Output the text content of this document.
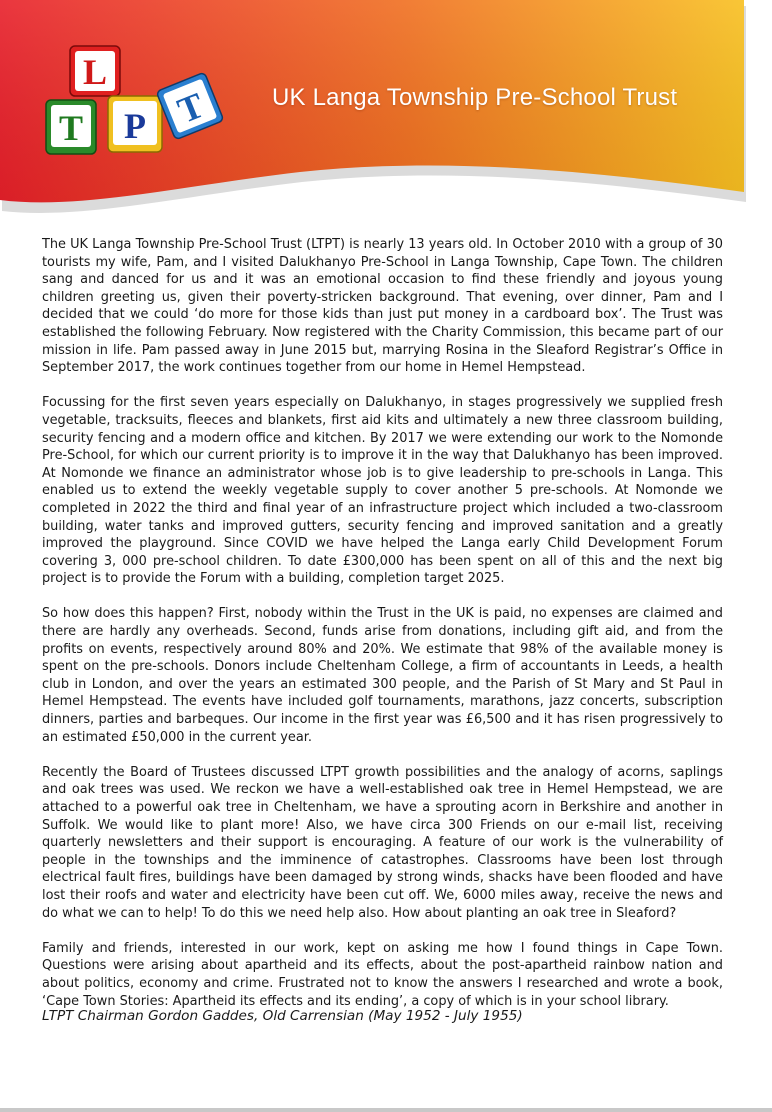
L
T P T	UK Langa Township Pre-School Trust

The UK Langa Township Pre-School Trust (LTPT) is nearly 13 years old. In October 2010 with a group of 30 tourists my wife, Pam, and I visited Dalukhanyo Pre-School in Langa Township, Cape Town. The children sang and danced for us and it was an emotional occasion to find these friendly and joyous young children greeting us, given their poverty-stricken background. That evening, over dinner, Pam and I decided that we could ‘do more for those kids than just put money in a cardboard box’. The Trust was established the following February. Now registered with the Charity Commission, this became part of our mission in life. Pam passed away in June 2015 but, marrying Rosina in the Sleaford Registrar’s Office in September 2017, the work continues together from our home in Hemel Hempstead.

Focussing for the first seven years especially on Dalukhanyo, in stages progressively we supplied fresh vegetable, tracksuits, fleeces and blankets, first aid kits and ultimately a new three classroom building, security fencing and a modern office and kitchen. By 2017 we were extending our work to the Nomonde Pre-School, for which our current priority is to improve it in the way that Dalukhanyo has been improved. At Nomonde we finance an administrator whose job is to give leadership to pre-schools in Langa. This enabled us to extend the weekly vegetable supply to cover another 5 pre-schools. At Nomonde we completed in 2022 the third and final year of an infrastructure project which included a two-classroom building, water tanks and improved gutters, security fencing and improved sanitation and a greatly improved the playground. Since COVID we have helped the Langa early Child Development Forum covering 3, 000 pre-school children. To date £300,000 has been spent on all of this and the next big project is to provide the Forum with a building, completion target 2025.

So how does this happen? First, nobody within the Trust in the UK is paid, no expenses are claimed and there are hardly any overheads. Second, funds arise from donations, including gift aid, and from the profits on events, respectively around 80% and 20%. We estimate that 98% of the available money is spent on the pre-schools. Donors include Cheltenham College, a firm of accountants in Leeds, a health club in London, and over the years an estimated 300 people, and the Parish of St Mary and St Paul in Hemel Hempstead. The events have included golf tournaments, marathons, jazz concerts, subscription dinners, parties and barbeques. Our income in the first year was £6,500 and it has risen progressively to an estimated £50,000 in the current year.

Recently the Board of Trustees discussed LTPT growth possibilities and the analogy of acorns, saplings and oak trees was used. We reckon we have a well-established oak tree in Hemel Hempstead, we are attached to a powerful oak tree in Cheltenham, we have a sprouting acorn in Berkshire and another in Suffolk. We would like to plant more! Also, we have circa 300 Friends on our e-mail list, receiving quarterly newsletters and their support is encouraging. A feature of our work is the vulnerability of people in the townships and the imminence of catastrophes. Classrooms have been lost through electrical fault fires, buildings have been damaged by strong winds, shacks have been flooded and have lost their roofs and water and electricity have been cut off. We, 6000 miles away, receive the news and do what we can to help! To do this we need help also. How about planting an oak tree in Sleaford?

Family and friends, interested in our work, kept on asking me how I found things in Cape Town. Questions were arising about apartheid and its effects, about the post-apartheid rainbow nation and about politics, economy and crime. Frustrated not to know the answers I researched and wrote a book, ‘Cape Town Stories: Apartheid its effects and its ending’, a copy of which is in your school library.

LTPT Chairman Gordon Gaddes, Old Carrensian (May 1952 - July 1955)
